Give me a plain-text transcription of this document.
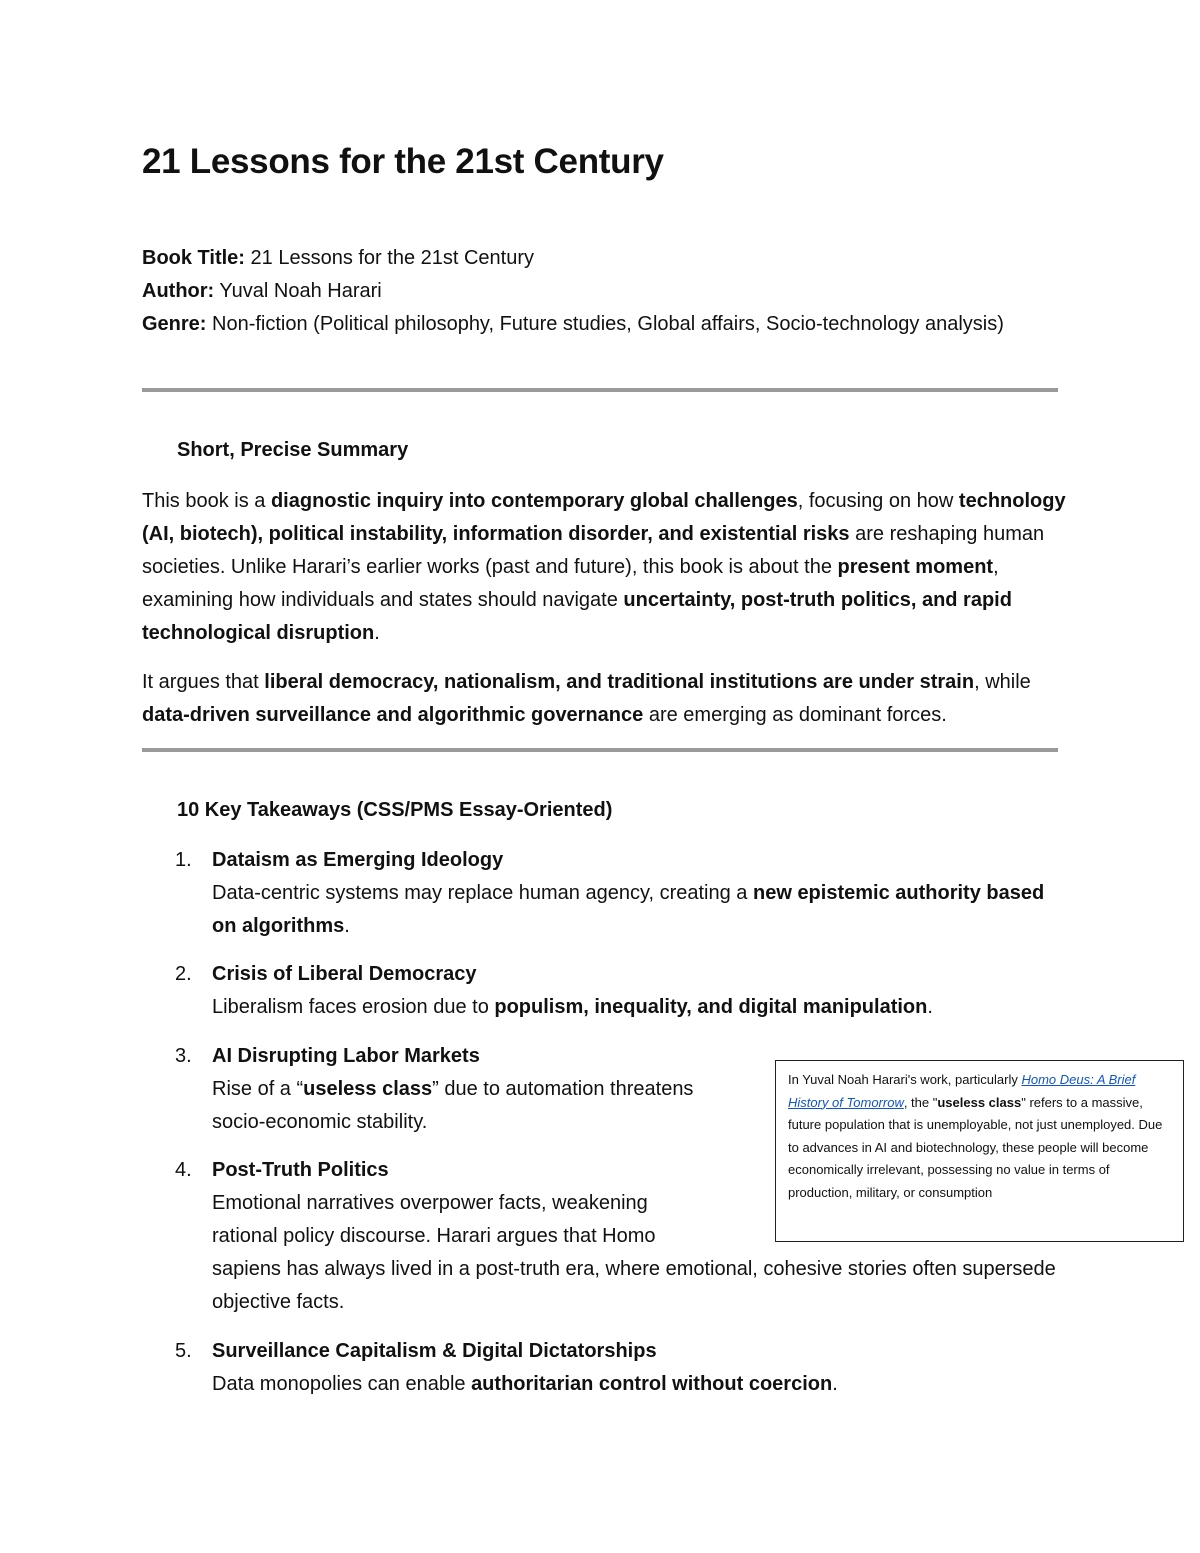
21 Lessons for the 21st Century
Book Title: 21 Lessons for the 21st Century
Author: Yuval Noah Harari
Genre: Non-fiction (Political philosophy, Future studies, Global affairs, Socio-technology analysis)
Short, Precise Summary

This book is a diagnostic inquiry into contemporary global challenges, focusing on how technology (AI, biotech), political instability, information disorder, and existential risks are reshaping human societies. Unlike Harari’s earlier works (past and future), this book is about the present moment, examining how individuals and states should navigate uncertainty, post-truth politics, and rapid technological disruption.

It argues that liberal democracy, nationalism, and traditional institutions are under strain, while data-driven surveillance and algorithmic governance are emerging as dominant forces.

10 Key Takeaways (CSS/PMS Essay-Oriented)
1. Dataism as Emerging Ideology
Data-centric systems may replace human agency, creating a new epistemic authority based on algorithms.
2. Crisis of Liberal Democracy
Liberalism faces erosion due to populism, inequality, and digital manipulation.
3. AI Disrupting Labor Markets
Rise of a “useless class” due to automation threatens socio-economic stability.
4. Post-Truth Politics
Emotional narratives overpower facts, weakening rational policy discourse. Harari argues that Homo
sapiens has always lived in a post-truth era, where emotional, cohesive stories often supersede objective facts.
5. Surveillance Capitalism & Digital Dictatorships
Data monopolies can enable authoritarian control without coercion.
In Yuval Noah Harari's work, particularly Homo Deus: A Brief History of Tomorrow, the "useless class" refers to a massive, future population that is unemployable, not just unemployed. Due to advances in AI and biotechnology, these people will become economically irrelevant, possessing no value in terms of production, military, or consumption
